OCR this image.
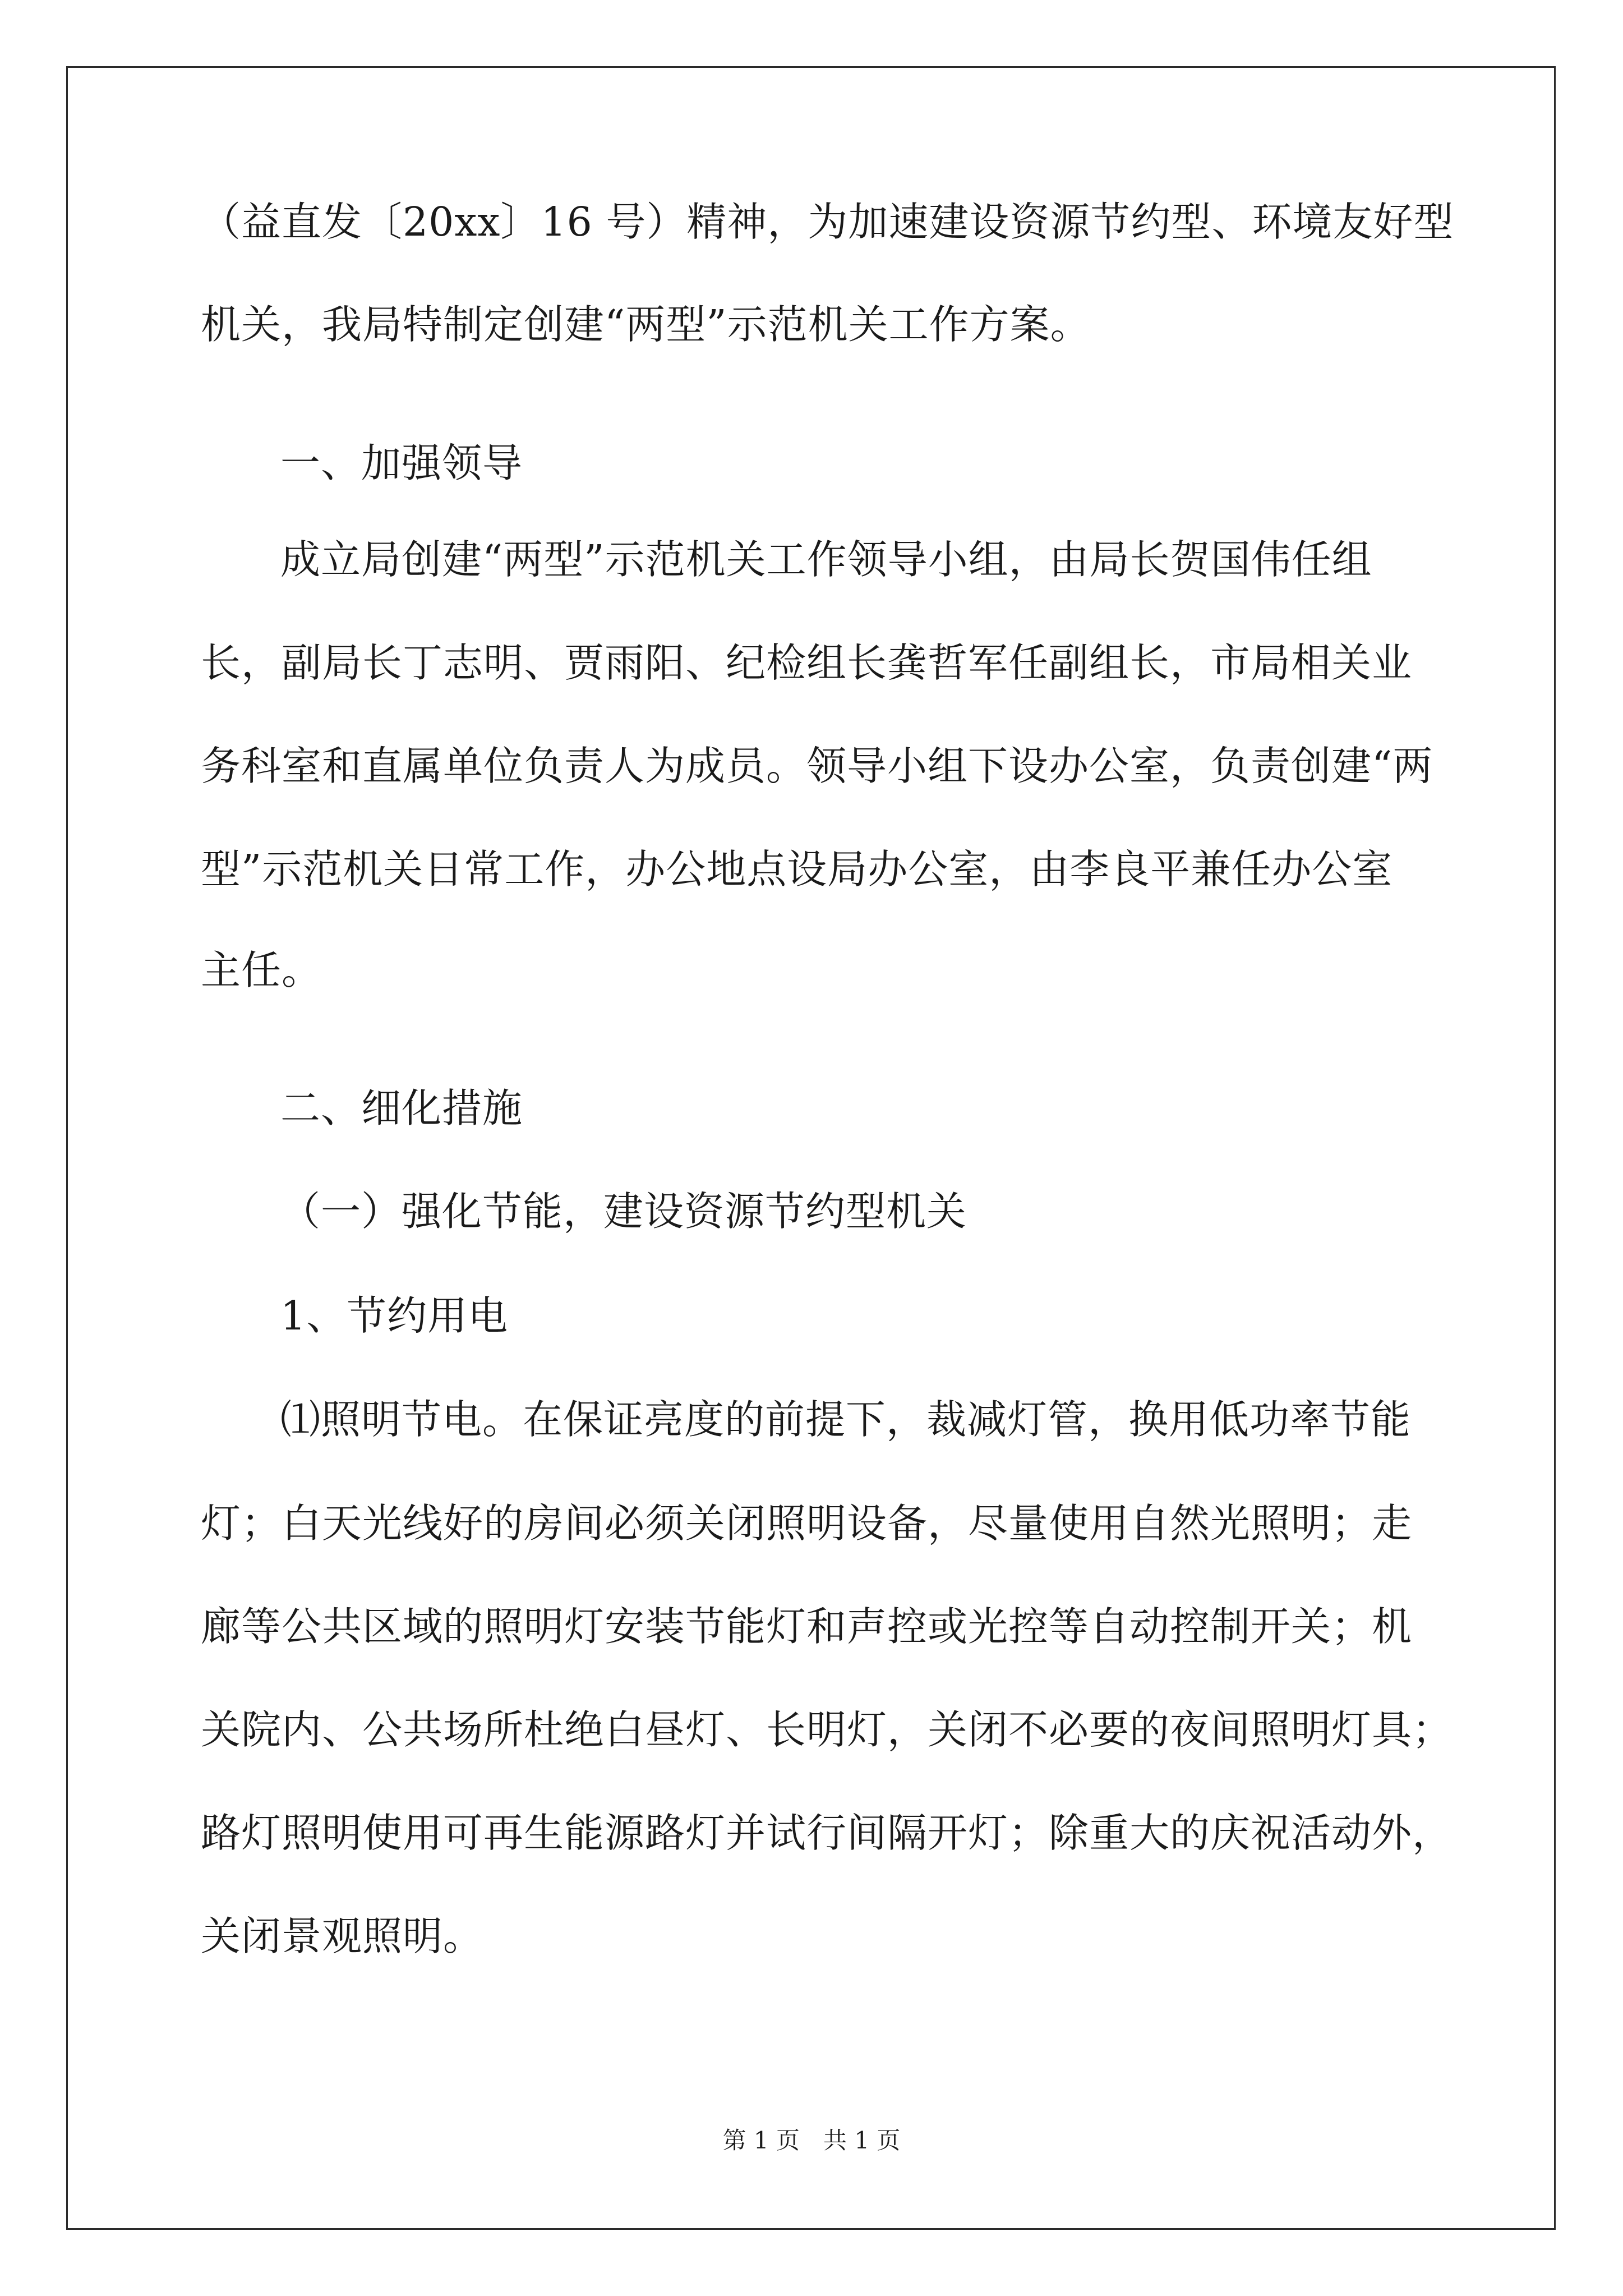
（益直发〔20xx〕16 号）精神，为加速建设资源节约型、环境友好型
机关，我局特制定创建“两型”示范机关工作方案。
一、加强领导
成立局创建“两型”示范机关工作领导小组，由局长贺国伟任组
长，副局长丁志明、贾雨阳、纪检组长龚哲军任副组长，市局相关业
务科室和直属单位负责人为成员。领导小组下设办公室，负责创建“两
型”示范机关日常工作，办公地点设局办公室，由李良平兼任办公室
主任。
二、细化措施
（一）强化节能，建设资源节约型机关
1、节约用电
⑴照明节电。在保证亮度的前提下，裁减灯管，换用低功率节能
灯；白天光线好的房间必须关闭照明设备，尽量使用自然光照明；走
廊等公共区域的照明灯安装节能灯和声控或光控等自动控制开关；机
关院内、公共场所杜绝白昼灯、长明灯，关闭不必要的夜间照明灯具；
路灯照明使用可再生能源路灯并试行间隔开灯；除重大的庆祝活动外，
关闭景观照明。
第 1 页　共 1 页
